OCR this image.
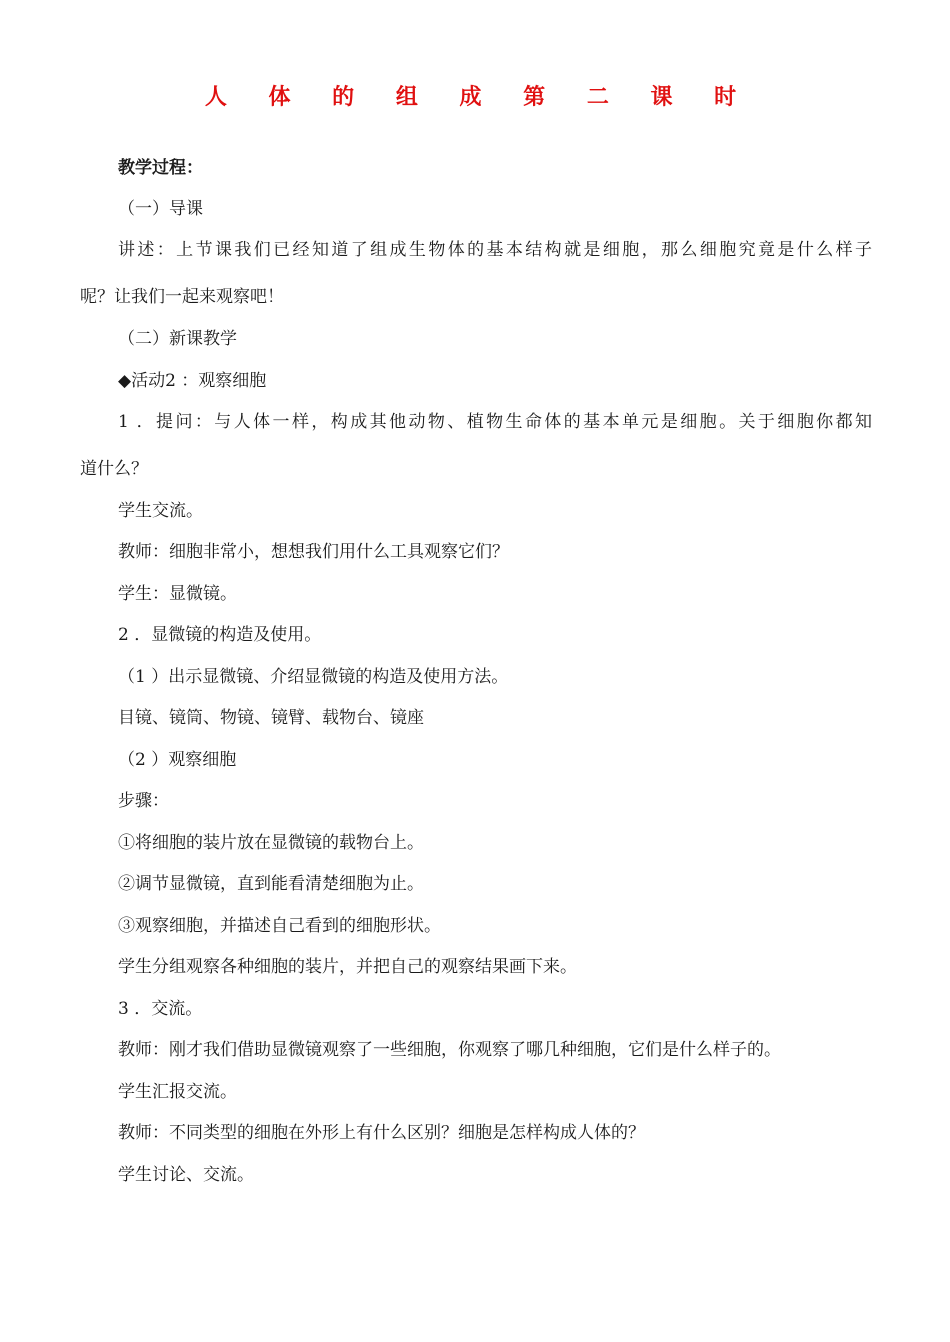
人 体 的 组 成 第 二 课 时
教学过程：
（一）导课
讲述：上节课我们已经知道了组成生物体的基本结构就是细胞，那么细胞究竟是什么样子
呢？让我们一起来观察吧！
（二）新课教学
◆活动2 ：观察细胞
1 ．提问：与人体一样，构成其他动物、植物生命体的基本单元是细胞。关于细胞你都知
道什么？
学生交流。
教师：细胞非常小，想想我们用什么工具观察它们？
学生：显微镜。
2 ．显微镜的构造及使用。
（1 ）出示显微镜、介绍显微镜的构造及使用方法。
目镜、镜筒、物镜、镜臂、载物台、镜座
（2 ）观察细胞
步骤：
①将细胞的装片放在显微镜的载物台上。
②调节显微镜，直到能看清楚细胞为止。
③观察细胞，并描述自己看到的细胞形状。
学生分组观察各种细胞的装片，并把自己的观察结果画下来。
3 ．交流。
教师：刚才我们借助显微镜观察了一些细胞，你观察了哪几种细胞，它们是什么样子的。
学生汇报交流。
教师：不同类型的细胞在外形上有什么区别？细胞是怎样构成人体的？
学生讨论、交流。
